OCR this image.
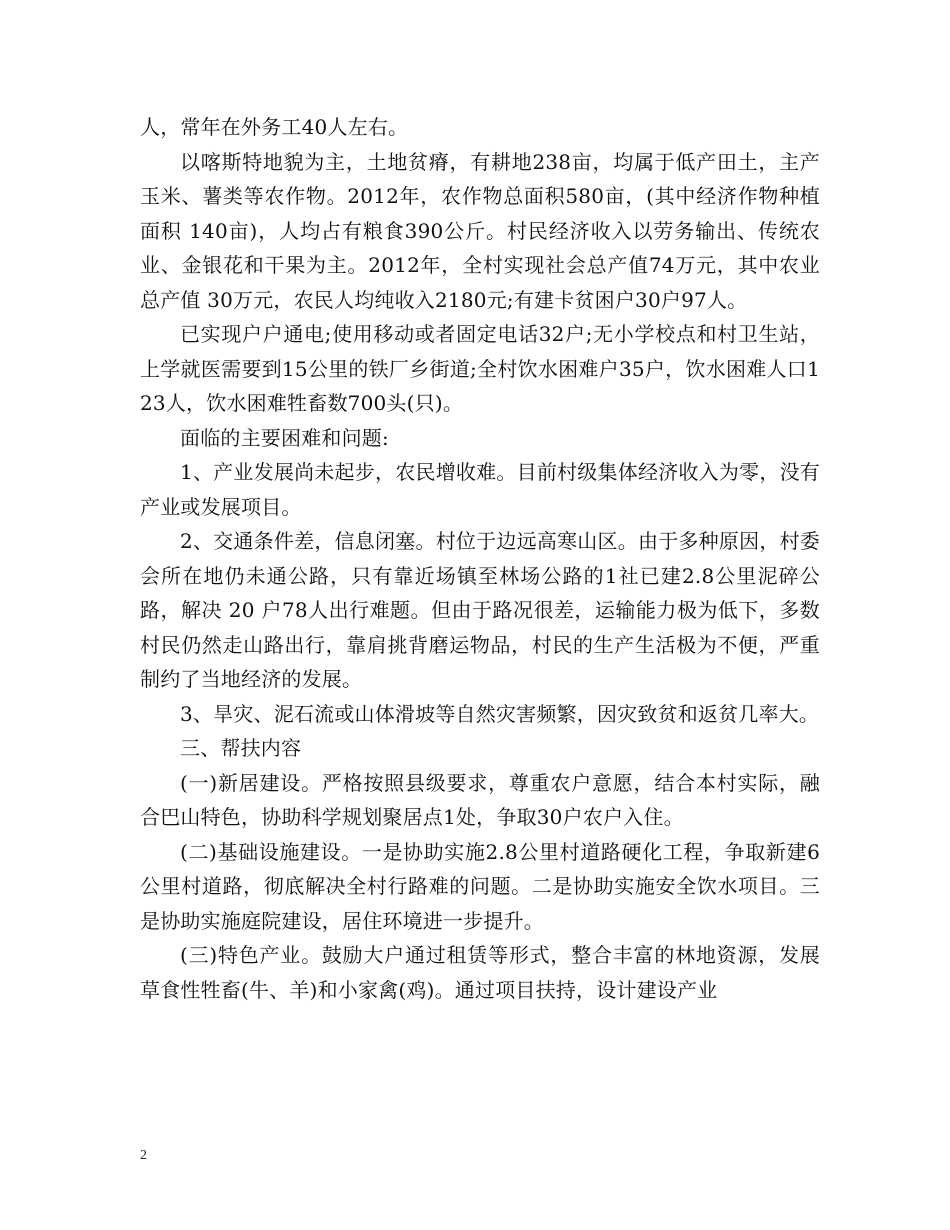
人，常年在外务工40人左右。

以喀斯特地貌为主，土地贫瘠，有耕地238亩，均属于低产田土，主产玉米、薯类等农作物。2012年，农作物总面积580亩，(其中经济作物种植面积 140亩)，人均占有粮食390公斤。村民经济收入以劳务输出、传统农业、金银花和干果为主。2012年，全村实现社会总产值74万元，其中农业总产值 30万元，农民人均纯收入2180元;有建卡贫困户30户97人。

已实现户户通电;使用移动或者固定电话32户;无小学校点和村卫生站，上学就医需要到15公里的铁厂乡街道;全村饮水困难户35户，饮水困难人口123人，饮水困难牲畜数700头(只)。

面临的主要困难和问题:

1、产业发展尚未起步，农民增收难。目前村级集体经济收入为零，没有产业或发展项目。

2、交通条件差，信息闭塞。村位于边远高寒山区。由于多种原因，村委会所在地仍未通公路，只有靠近场镇至林场公路的1社已建2.8公里泥碎公路，解决 20 户78人出行难题。但由于路况很差，运输能力极为低下，多数村民仍然走山路出行，靠肩挑背磨运物品，村民的生产生活极为不便，严重制约了当地经济的发展。

3、旱灾、泥石流或山体滑坡等自然灾害频繁，因灾致贫和返贫几率大。

三、帮扶内容

(一)新居建设。严格按照县级要求，尊重农户意愿，结合本村实际，融合巴山特色，协助科学规划聚居点1处，争取30户农户入住。

(二)基础设施建设。一是协助实施2.8公里村道路硬化工程，争取新建6公里村道路，彻底解决全村行路难的问题。二是协助实施安全饮水项目。三是协助实施庭院建设，居住环境进一步提升。

(三)特色产业。鼓励大户通过租赁等形式，整合丰富的林地资源，发展草食性牲畜(牛、羊)和小家禽(鸡)。通过项目扶持，设计建设产业

2
